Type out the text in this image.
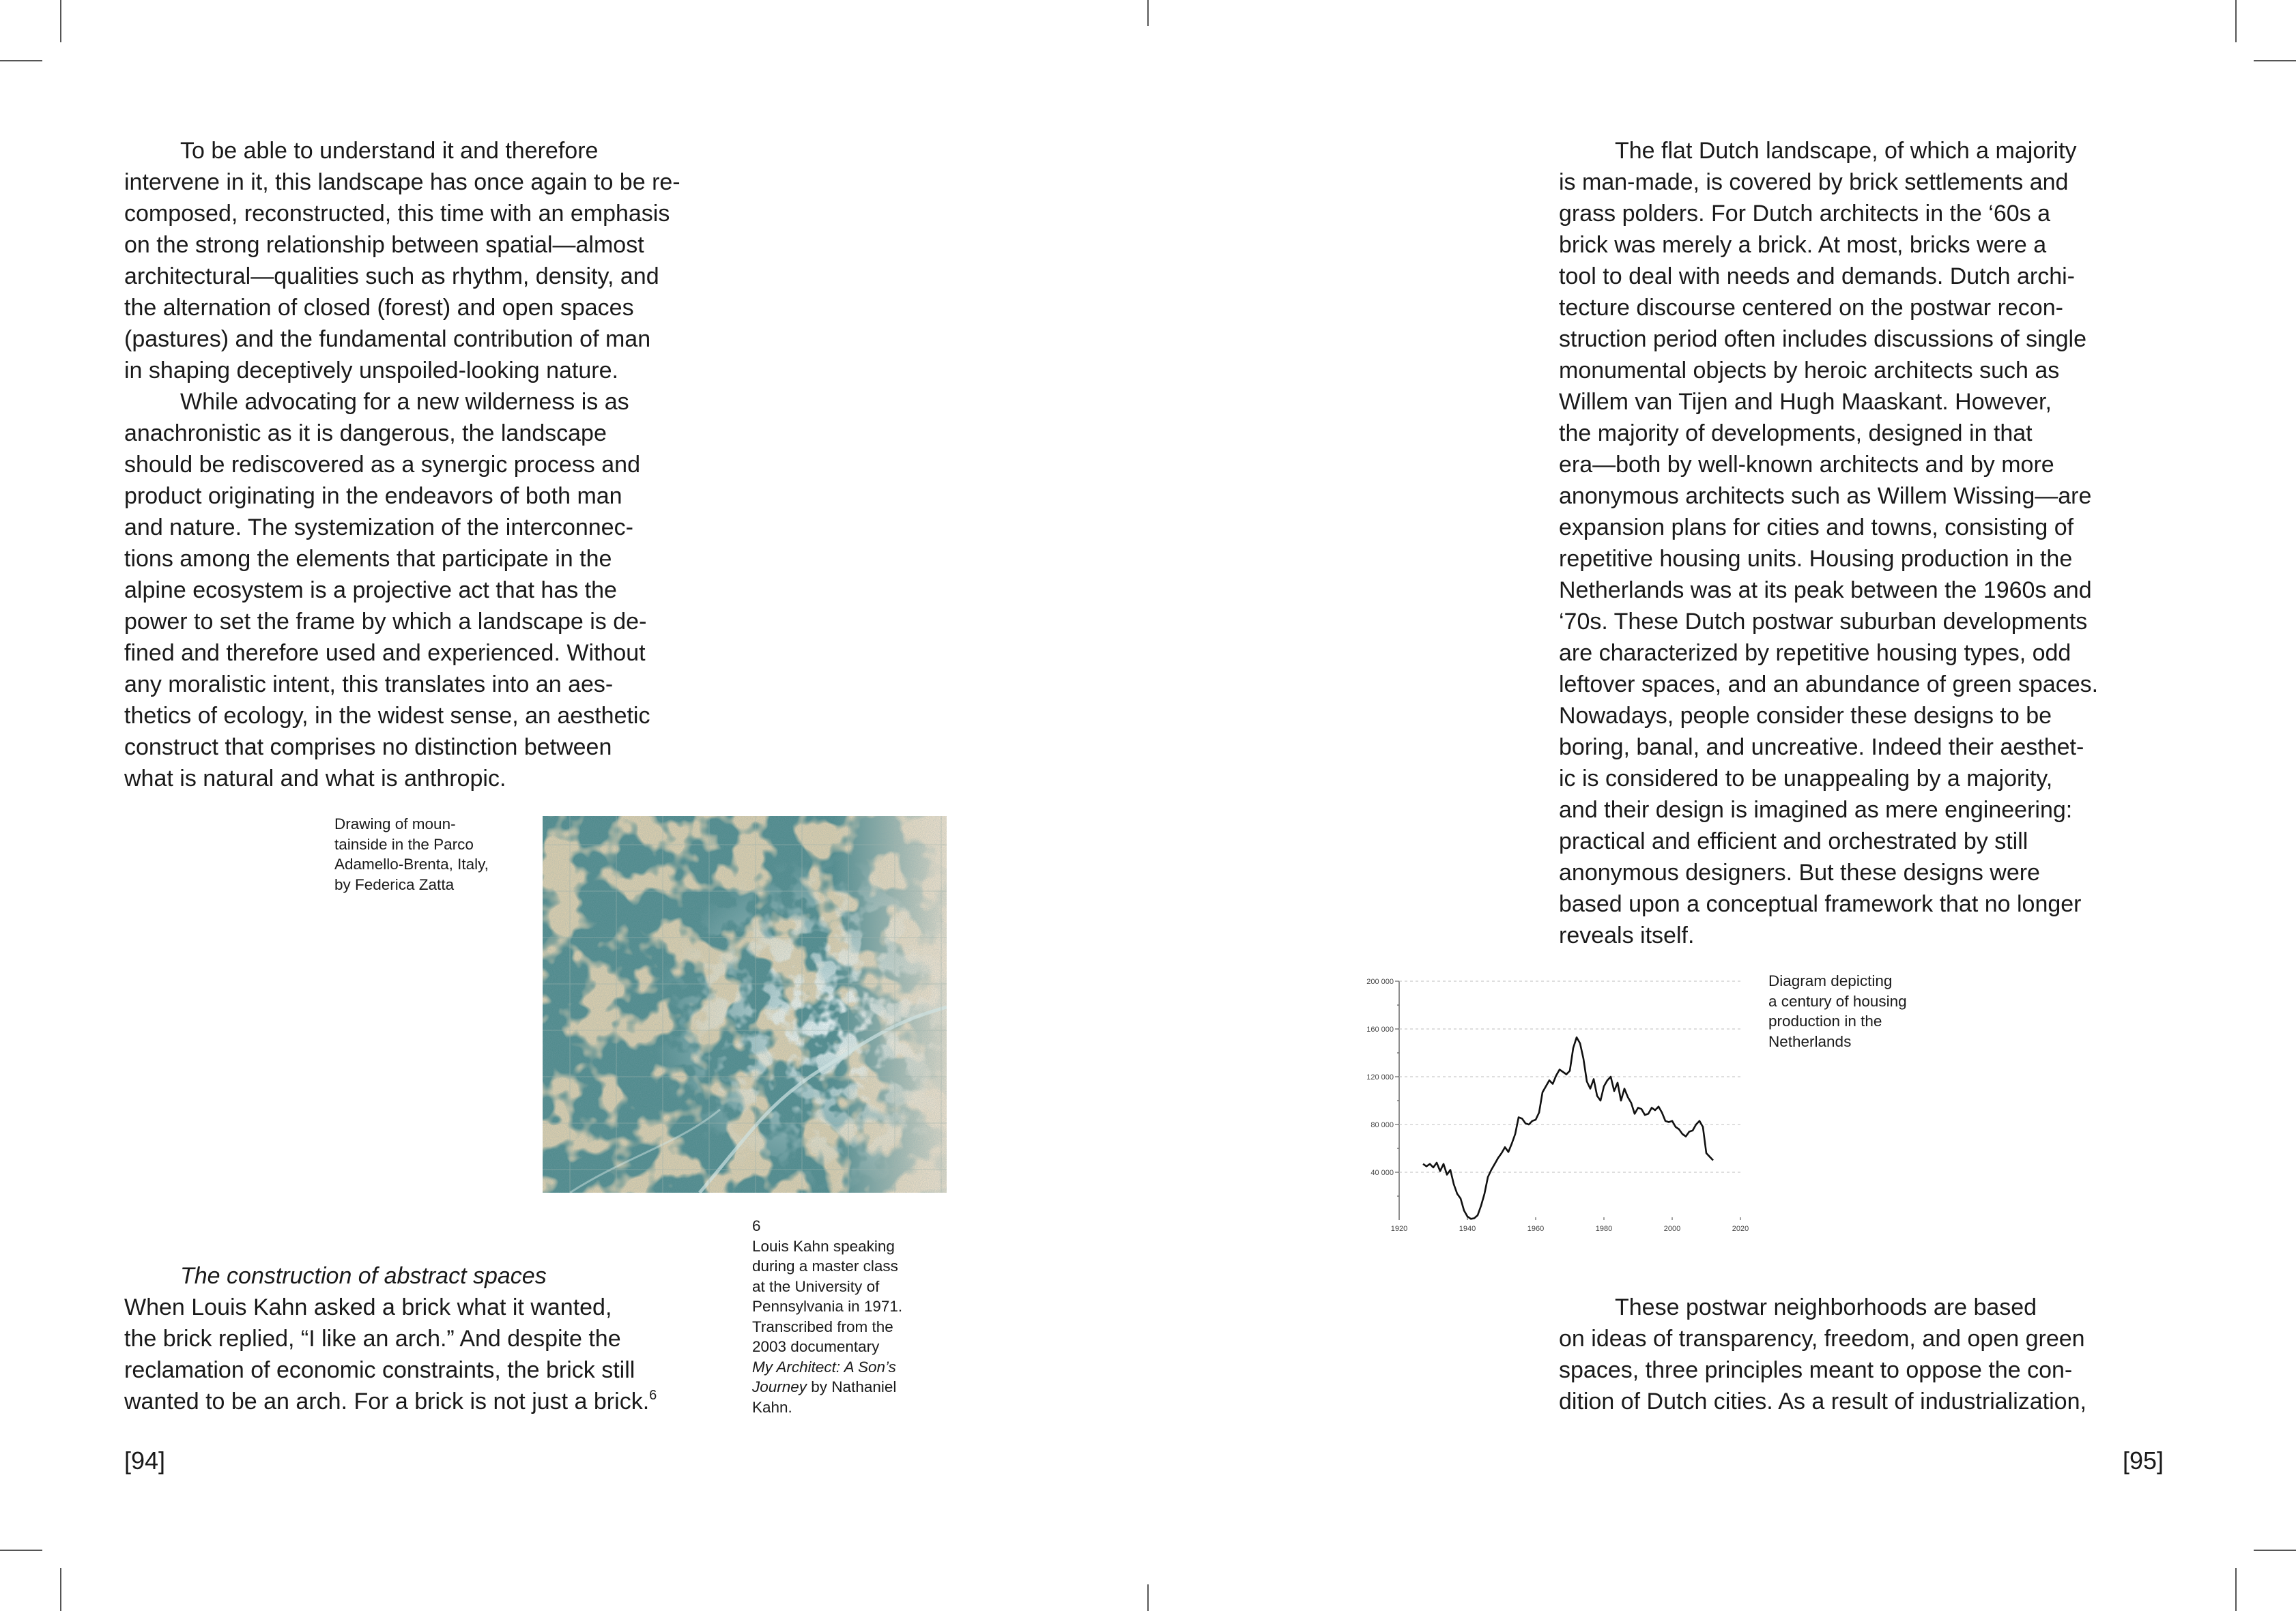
To be able to understand it and therefore
intervene in it, this landscape has once again to be re-
composed, reconstructed, this time with an emphasis
on the strong relationship between spatial—almost
architectural—qualities such as rhythm, density, and
the alternation of closed (forest) and open spaces
(pastures) and the fundamental contribution of man
in shaping deceptively unspoiled-looking nature.

While advocating for a new wilderness is as
anachronistic as it is dangerous, the landscape
should be rediscovered as a synergic process and
product originating in the endeavors of both man
and nature. The systemization of the interconnec-
tions among the elements that participate in the
alpine ecosystem is a projective act that has the
power to set the frame by which a landscape is de-
fined and therefore used and experienced. Without
any moralistic intent, this translates into an aes-
thetics of ecology, in the widest sense, an aesthetic
construct that comprises no distinction between
what is natural and what is anthropic.

Drawing of moun-
tainside in the Parco
Adamello-Brenta, Italy,
by Federica Zatta

6
Louis Kahn speaking
during a master class
at the University of
Pennsylvania in 1971.
Transcribed from the
2003 documentary
My Architect: A Son’s
Journey by Nathaniel
Kahn.

The construction of abstract spaces

When Louis Kahn asked a brick what it wanted,
the brick replied, “I like an arch.” And despite the
reclamation of economic constraints, the brick still
wanted to be an arch. For a brick is not just a brick.$^6$

[94]

The flat Dutch landscape, of which a majority
is man-made, is covered by brick settlements and
grass polders. For Dutch architects in the ‘60s a
brick was merely a brick. At most, bricks were a
tool to deal with needs and demands. Dutch archi-
tecture discourse centered on the postwar recon-
struction period often includes discussions of single
monumental objects by heroic architects such as
Willem van Tijen and Hugh Maaskant. However,
the majority of developments, designed in that
era—both by well-known architects and by more
anonymous architects such as Willem Wissing—are
expansion plans for cities and towns, consisting of
repetitive housing units. Housing production in the
Netherlands was at its peak between the 1960s and
‘70s. These Dutch postwar suburban developments
are characterized by repetitive housing types, odd
leftover spaces, and an abundance of green spaces.
Nowadays, people consider these designs to be
boring, banal, and uncreative. Indeed their aesthet-
ic is considered to be unappealing by a majority,
and their design is imagined as mere engineering:
practical and efficient and orchestrated by still
anonymous designers. But these designs were
based upon a conceptual framework that no longer
reveals itself.

Diagram depicting
a century of housing
production in the
Netherlands

These postwar neighborhoods are based
on ideas of transparency, freedom, and open green
spaces, three principles meant to oppose the con-
dition of Dutch cities. As a result of industrialization,

[95]
40 000
80 000
120 000
160 000
200 000
1920	1940	1960	1980	2000	2020
